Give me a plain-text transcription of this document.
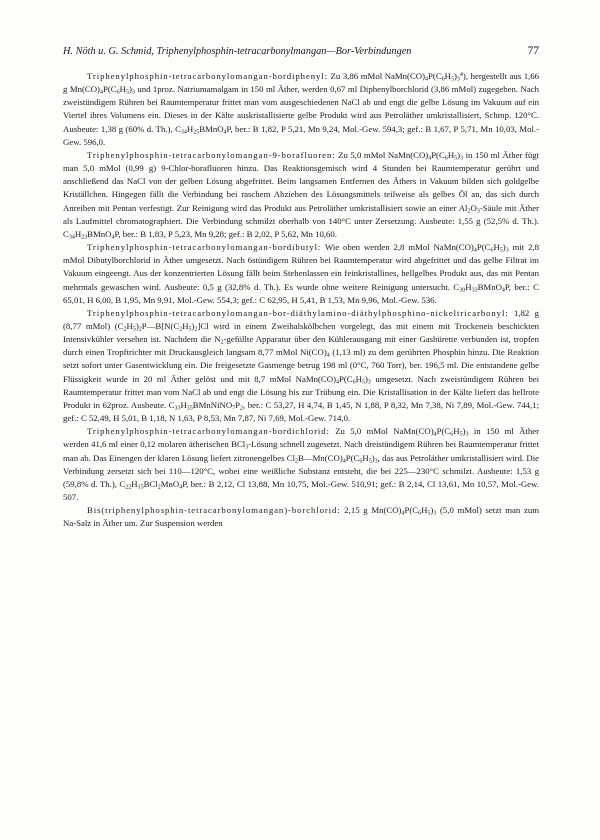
H. Nöth u. G. Schmid, Triphenylphosphin-tetracarbonylmangan—Bor-Verbindungen	77

Triphenylphosphin-tetracarbonylomangan-bordiphenyl: Zu 3,86 mMol $NaMn(CO)_4P(C_6H_5)_3^4$), hergestellt aus 1,66 g $Mn(CO)_4P(C_6H_5)_3$ und 1proz. Natriumamalgam in 150 ml Äther, werden 0,67 ml Diphenylborchlorid (3,86 mMol) zugegeben. Nach zweistündigem Rühren bei Raumtemperatur frittet man vom ausgeschiedenen NaCl ab und engt die gelbe Lösung im Vakuum auf ein Viertel ihres Volumens ein. Dieses in der Kälte auskristallisierte gelbe Produkt wird aus Petroläther umkristallisiert, Schmp. 120°C. Ausbeute: 1,38 g (60% d. Th.), $C_{34}H_{25}BMnO_4P$, ber.: B 1,82, P 5,21, Mn 9,24, Mol.-Gew. 594,3; gef.: B 1,67, P 5,71, Mn 10,03, Mol.-Gew. 596,0.

Triphenylphosphin-tetracarbonylomangan-9-borafluoren: Zu 5,0 mMol $NaMn(CO)_4P(C_6H_5)_3$ in 150 ml Äther fügt man 5,0 mMol (0,99 g) 9-Chlor-borafluoren hinzu. Das Reaktionsgemisch wird 4 Stunden bei Raumtemperatur gerührt und anschließend das NaCl von der gelben Lösung abgefrittet. Beim langsamen Entfernen des Äthers in Vakuum bilden sich goldgelbe Kriställchen. Hingegen fällt die Verbindung bei raschem Abziehen des Lösungsmittels teilweise als gelbes Öl an, das sich durch Anreiben mit Pentan verfestigt. Zur Reinigung wird das Produkt aus Petroläther umkristallisiert sowie an einer $Al_2O_3$-Säule mit Äther als Laufmittel chromatographiert. Die Verbindung schmilzt oberhalb von 140°C unter Zersetzung. Ausbeute: 1,55 g (52,5% d. Th.). $C_{34}H_{23}BMnO_4P$, ber.: B 1,83, P 5,23, Mn 9,28; gef.: B 2,02, P 5,62, Mn 10,60.

Triphenylphosphin-tetracarbonylomangan-bordibutyl: Wie oben werden 2,8 mMol $NaMn(CO)_4P(C_6H_5)_3$ mit 2,8 mMol Dibutylborchlorid in Äther umgesetzt. Nach 6stündigem Rühren bei Raumtemperatur wird abgefrittet und das gelbe Filtrat im Vakuum eingeengt. Aus der konzentrierten Lösung fällt beim Stehenlassen ein feinkristallines, hellgelbes Produkt aus, das mit Pentan mehrmals gewaschen wird. Ausbeute: 0,5 g (32,8% d. Th.). Es wurde ohne weitere Reinigung untersucht. $C_{30}H_{33}BMnO_4P$, ber.: C 65,01, H 6,00, B 1,95, Mn 9,91, Mol.-Gew. 554,3; gef.: C 62,95, H 5,41, B 1,53, Mn 9,96, Mol.-Gew. 536.

Triphenylphosphin-tetracarbonylomangan-bor-diäthylamino-diäthylphosphino-nickeltricarbonyl: 1,82 g (8,77 mMol) $(C_2H_5)_2P—B[N(C_2H_5)_2]Cl$ wird in einem Zweihalskölbchen vorgelegt, das mit einem mit Trockeneis beschickten Intensivkühler versehen ist. Nachdem die $N_2$-gefüllte Apparatur über den Kühlerausgang mit einer Gasbürette verbunden ist, tropfen durch einen Tropftrichter mit Druckausgleich langsam 8,77 mMol $Ni(CO)_4$ (1,13 ml) zu dem gerührten Phosphin hinzu. Die Reaktion setzt sofort unter Gasentwicklung ein. Die freigesetzte Gasmenge betrug 198 ml (0°C, 760 Torr), ber. 196,5 ml. Die entstandene gelbe Flüssigkeit wurde in 20 ml Äther gelöst und mit 8,7 mMol $NaMn(CO)_4P(C_6H_5)_3$ umgesetzt. Nach zweistündigem Rühren bei Raumtemperatur frittet man vom NaCl ab und engt die Lösung bis zur Trübung ein. Die Kristallisation in der Kälte liefert das hellrote Produkt in 62proz. Ausbeute. $C_{33}H_{35}BMnNiNO_7P_2$, ber.: C 53,27, H 4,74, B 1,45, N 1,88, P 8,32, Mn 7,38, Ni 7,89, Mol.-Gew. 744,1; gef.: C 52,49, H 5,01, B 1,18, N 1,63, P 8,53, Mn 7,87, Ni 7,69, Mol.-Gew. 714,0.

Triphenylphosphin-tetracarbonylomangan-bordichlorid: Zu 5,0 mMol $NaMn(CO)_4P(C_6H_5)_3$ in 150 ml Äther werden 41,6 ml einer 0,12 molaren ätherischen BCl$_3$-Lösung schnell zugesetzt. Nach dreistündigem Rühren bei Raumtemperatur frittet man ab. Das Einengen der klaren Lösung liefert zitronengelbes $Cl_2B—Mn(CO)_4P(C_6H_5)_3$, das aus Petroläther umkristallisiert wird. Die Verbindung zersetzt sich bei 110—120°C, wobei eine weißliche Substanz entsteht, die bei 225—230°C schmilzt. Ausbeute: 1,53 g (59,8% d. Th.), $C_{22}H_{15}BCl_2MnO_4P$, ber.: B 2,12, Cl 13,88, Mn 10,75, Mol.-Gew. 510,91; gef.: B 2,14, Cl 13,61, Mn 10,57, Mol.-Gew. 507.

Bis(triphenylphosphin-tetracarbonylomangan)-borchlorid: 2,15 g $Mn(CO)_4P(C_6H_5)_3$ (5,0 mMol) setzt man zum Na-Salz in Äther um. Zur Suspension werden
